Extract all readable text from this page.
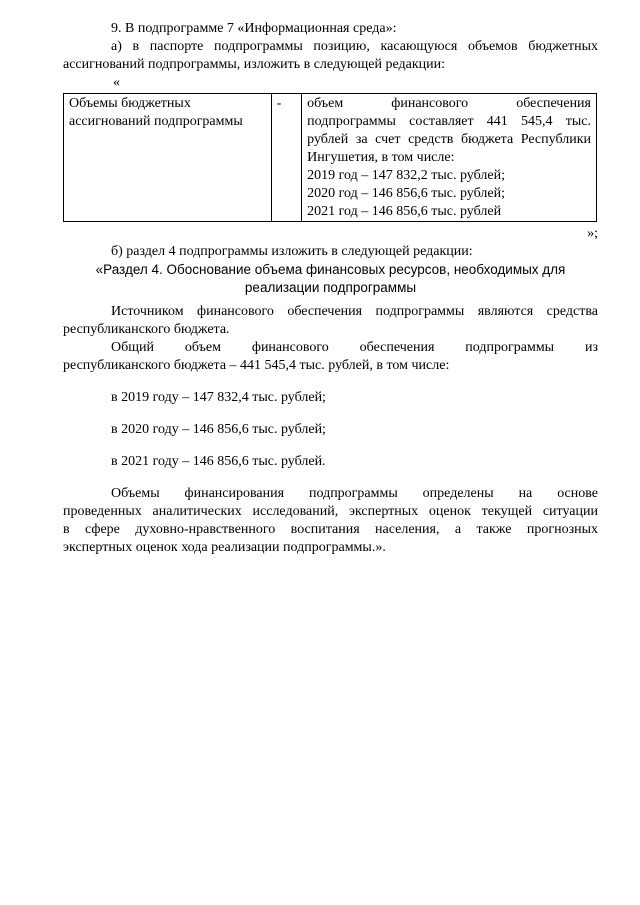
9. В подпрограмме 7 «Информационная среда»:

а) в паспорте подпрограммы позицию, касающуюся объемов бюджетных

ассигнований подпрограммы, изложить в следующей редакции:

«

Объемы бюджетных
ассигнований подпрограммы
	-	объем финансового обеспечения
подпрограммы составляет 441 545,4 тыс.
рублей за счет средств бюджета Республики
Ингушетия, в том числе:
2019 год – 147 832,2 тыс. рублей;
2020 год – 146 856,6 тыс. рублей;
2021 год – 146 856,6 тыс. рублей
»;

б) раздел 4 подпрограммы изложить в следующей редакции:

«Раздел 4. Обоснование объема финансовых ресурсов, необходимых для

реализации подпрограммы

Источником финансового обеспечения подпрограммы являются средства

республиканского бюджета.

Общий объем финансового обеспечения подпрограммы из

республиканского бюджета – 441 545,4 тыс. рублей, в том числе:

в 2019 году – 147 832,4 тыс. рублей;

в 2020 году – 146 856,6 тыс. рублей;

в 2021 году – 146 856,6 тыс. рублей.

Объемы финансирования подпрограммы определены на основе

проведенных аналитических исследований, экспертных оценок текущей ситуации

в сфере духовно-нравственного воспитания населения, а также прогнозных

экспертных оценок хода реализации подпрограммы.».
